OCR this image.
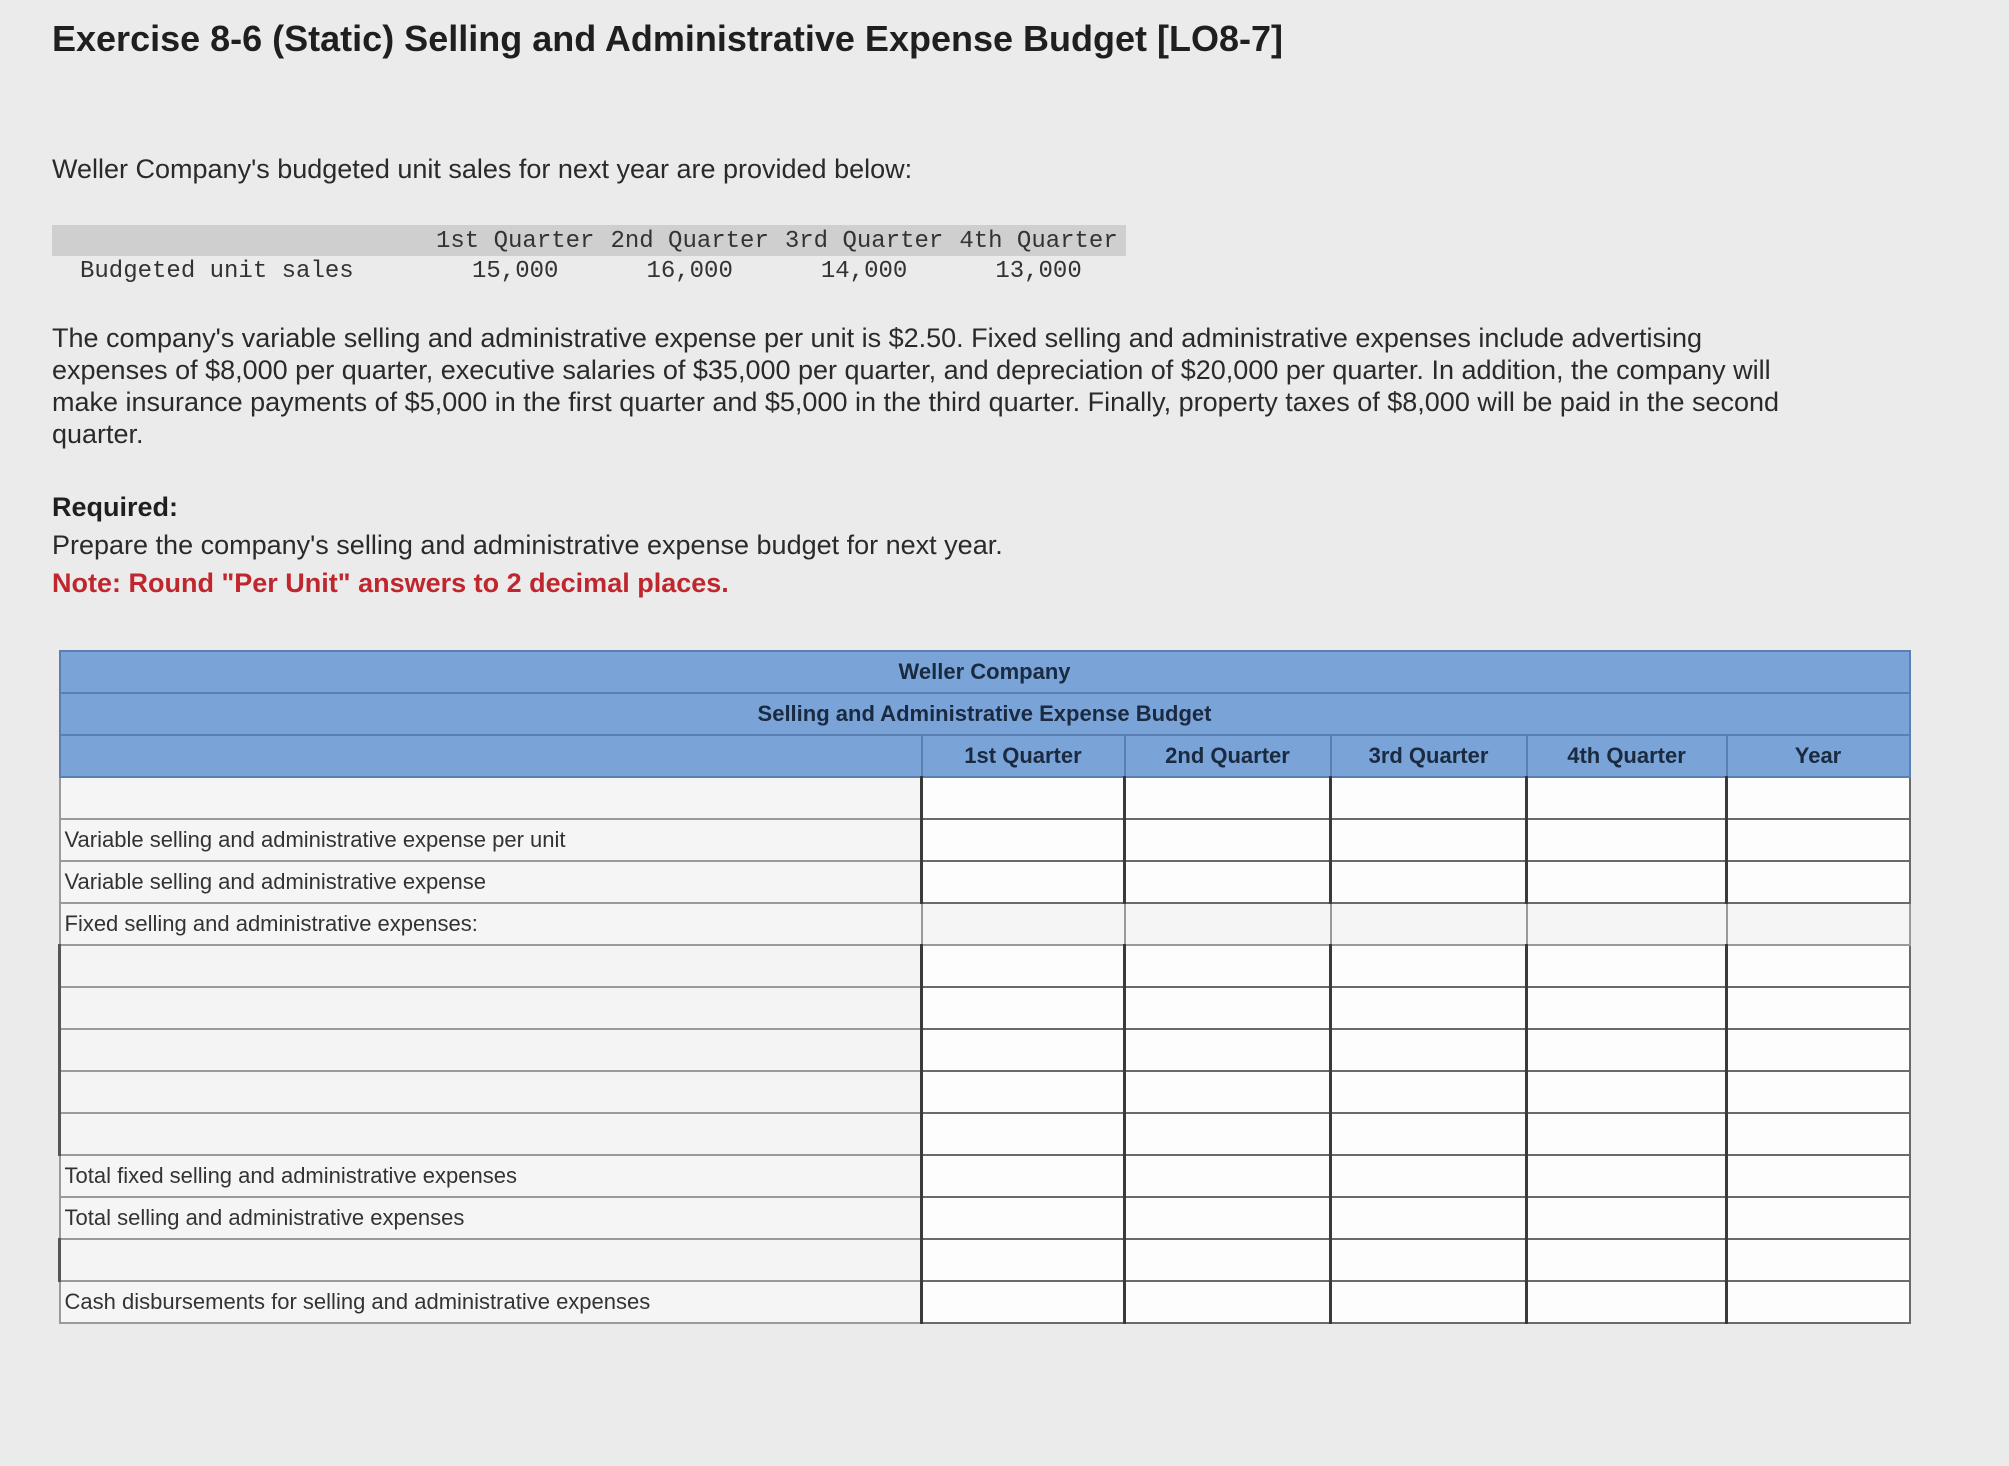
Exercise 8-6 (Static) Selling and Administrative Expense Budget [LO8-7]

Weller Company's budgeted unit sales for next year are provided below:

	1st Quarter	2nd Quarter	3rd Quarter	4th Quarter
Budgeted unit sales	15,000	16,000	14,000	13,000

The company's variable selling and administrative expense per unit is $2.50. Fixed selling and administrative expenses include advertising expenses of $8,000 per quarter, executive salaries of $35,000 per quarter, and depreciation of $20,000 per quarter. In addition, the company will make insurance payments of $5,000 in the first quarter and $5,000 in the third quarter. Finally, property taxes of $8,000 will be paid in the second quarter.

Required:
Prepare the company's selling and administrative expense budget for next year.
Note: Round "Per Unit" answers to 2 decimal places.
Weller Company					
Selling and Administrative Expense Budget					
	1st Quarter	2nd Quarter	3rd Quarter	4th Quarter	Year

Variable selling and administrative expense per unit					
Variable selling and administrative expense					
Fixed selling and administrative expenses:					

Total fixed selling and administrative expenses					
Total selling and administrative expenses					

Cash disbursements for selling and administrative expenses					
